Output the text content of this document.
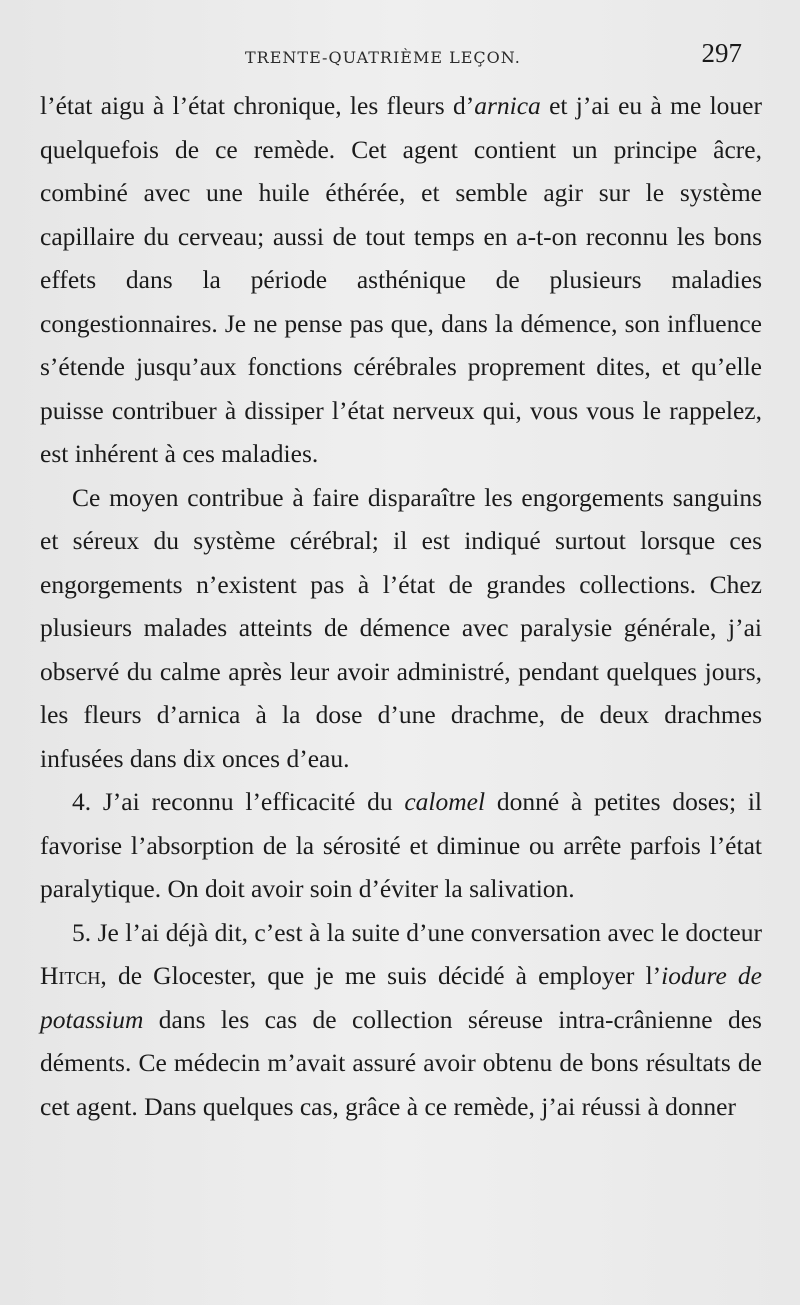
TRENTE-QUATRIÈME LEÇON.	297

l’état aigu à l’état chronique, les fleurs d’arnica et j’ai eu à me louer quelquefois de ce remède. Cet agent contient un principe âcre, combiné avec une huile éthérée, et semble agir sur le système capillaire du cerveau; aussi de tout temps en a-t-on reconnu les bons effets dans la période asthénique de plusieurs maladies congestionnaires. Je ne pense pas que, dans la démence, son influence s’étende jusqu’aux fonctions cérébrales proprement dites, et qu’elle puisse contribuer à dissiper l’état nerveux qui, vous vous le rappelez, est inhérent à ces maladies.

Ce moyen contribue à faire disparaître les engorgements sanguins et séreux du système cérébral; il est indiqué surtout lorsque ces engorgements n’existent pas à l’état de grandes collections. Chez plusieurs malades atteints de démence avec paralysie générale, j’ai observé du calme après leur avoir administré, pendant quelques jours, les fleurs d’arnica à la dose d’une drachme, de deux drachmes infusées dans dix onces d’eau.

4. J’ai reconnu l’efficacité du calomel donné à petites doses; il favorise l’absorption de la sérosité et diminue ou arrête parfois l’état paralytique. On doit avoir soin d’éviter la salivation.

5. Je l’ai déjà dit, c’est à la suite d’une conversation avec le docteur Hitch, de Glocester, que je me suis décidé à employer l’iodure de potassium dans les cas de collection séreuse intra-crânienne des déments. Ce médecin m’avait assuré avoir obtenu de bons résultats de cet agent. Dans quelques cas, grâce à ce remède, j’ai réussi à donner
